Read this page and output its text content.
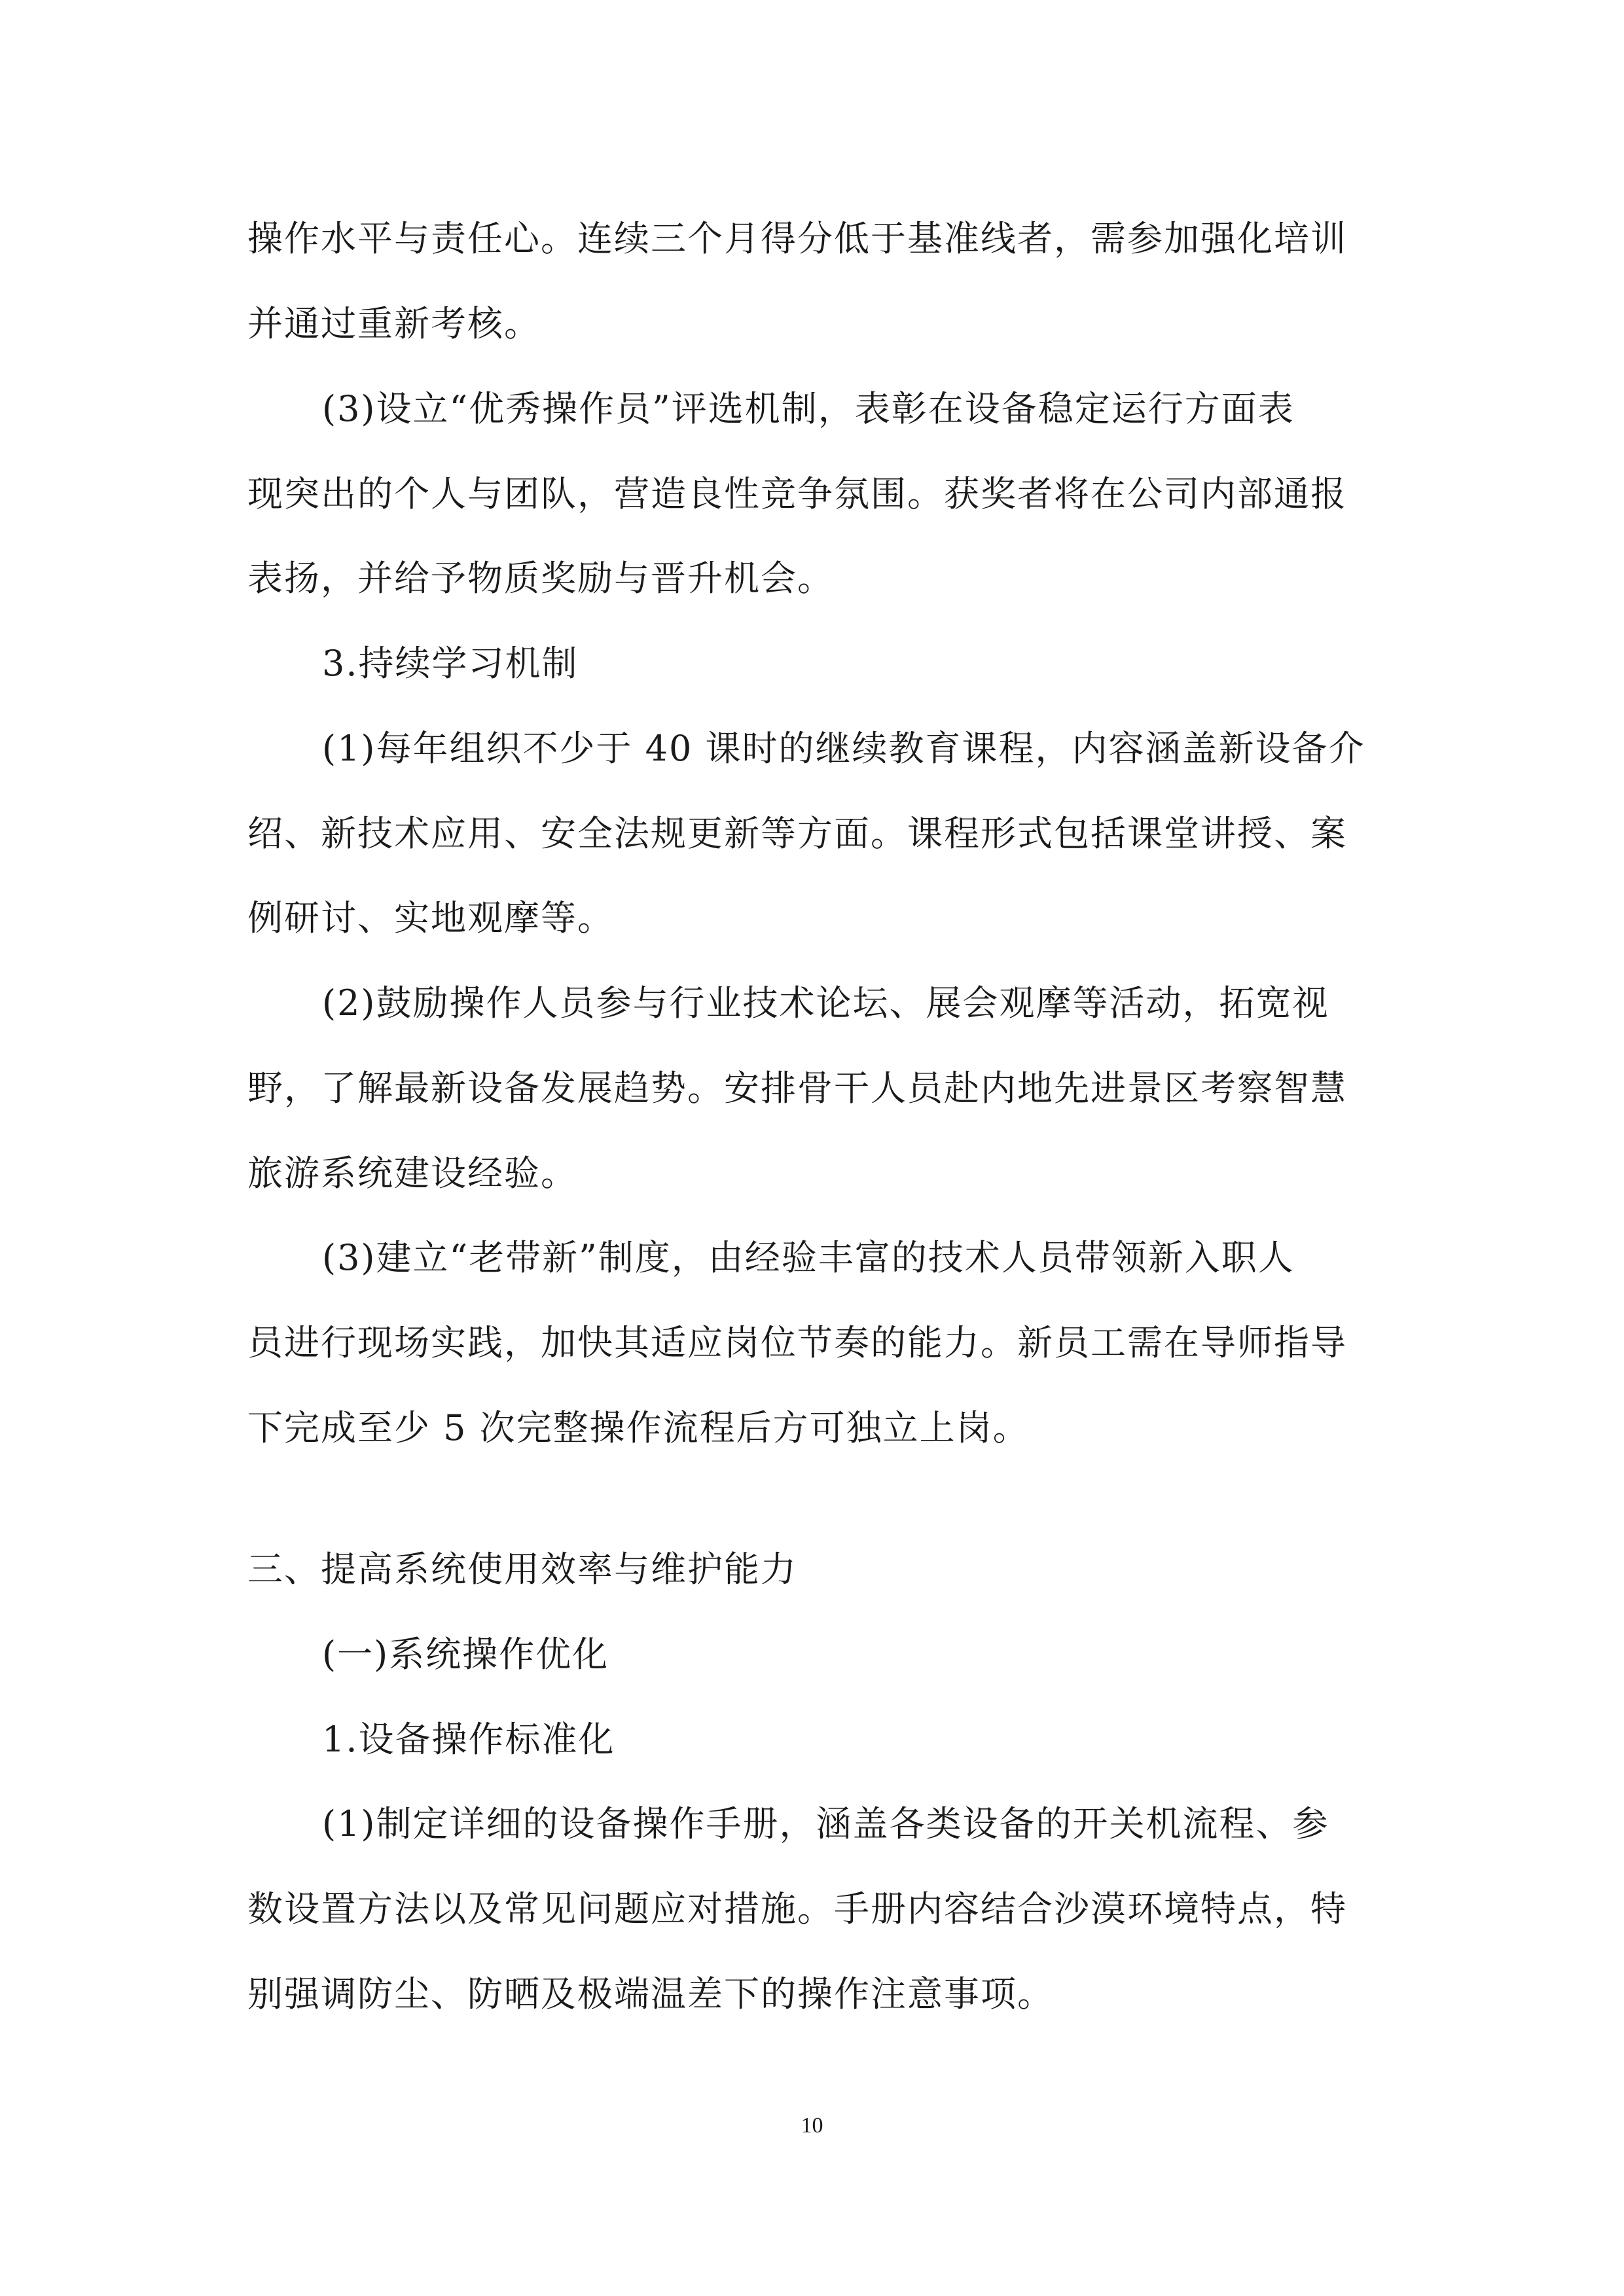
操作水平与责任心。连续三个月得分低于基准线者，需参加强化培训
并通过重新考核。
(3)设立“优秀操作员”评选机制，表彰在设备稳定运行方面表
现突出的个人与团队，营造良性竞争氛围。获奖者将在公司内部通报
表扬，并给予物质奖励与晋升机会。
3.持续学习机制
(1)每年组织不少于 40 课时的继续教育课程，内容涵盖新设备介
绍、新技术应用、安全法规更新等方面。课程形式包括课堂讲授、案
例研讨、实地观摩等。
(2)鼓励操作人员参与行业技术论坛、展会观摩等活动，拓宽视
野，了解最新设备发展趋势。安排骨干人员赴内地先进景区考察智慧
旅游系统建设经验。
(3)建立“老带新”制度，由经验丰富的技术人员带领新入职人
员进行现场实践，加快其适应岗位节奏的能力。新员工需在导师指导
下完成至少 5 次完整操作流程后方可独立上岗。
三、提高系统使用效率与维护能力
(一)系统操作优化
1.设备操作标准化
(1)制定详细的设备操作手册，涵盖各类设备的开关机流程、参
数设置方法以及常见问题应对措施。手册内容结合沙漠环境特点，特
别强调防尘、防晒及极端温差下的操作注意事项。
10
